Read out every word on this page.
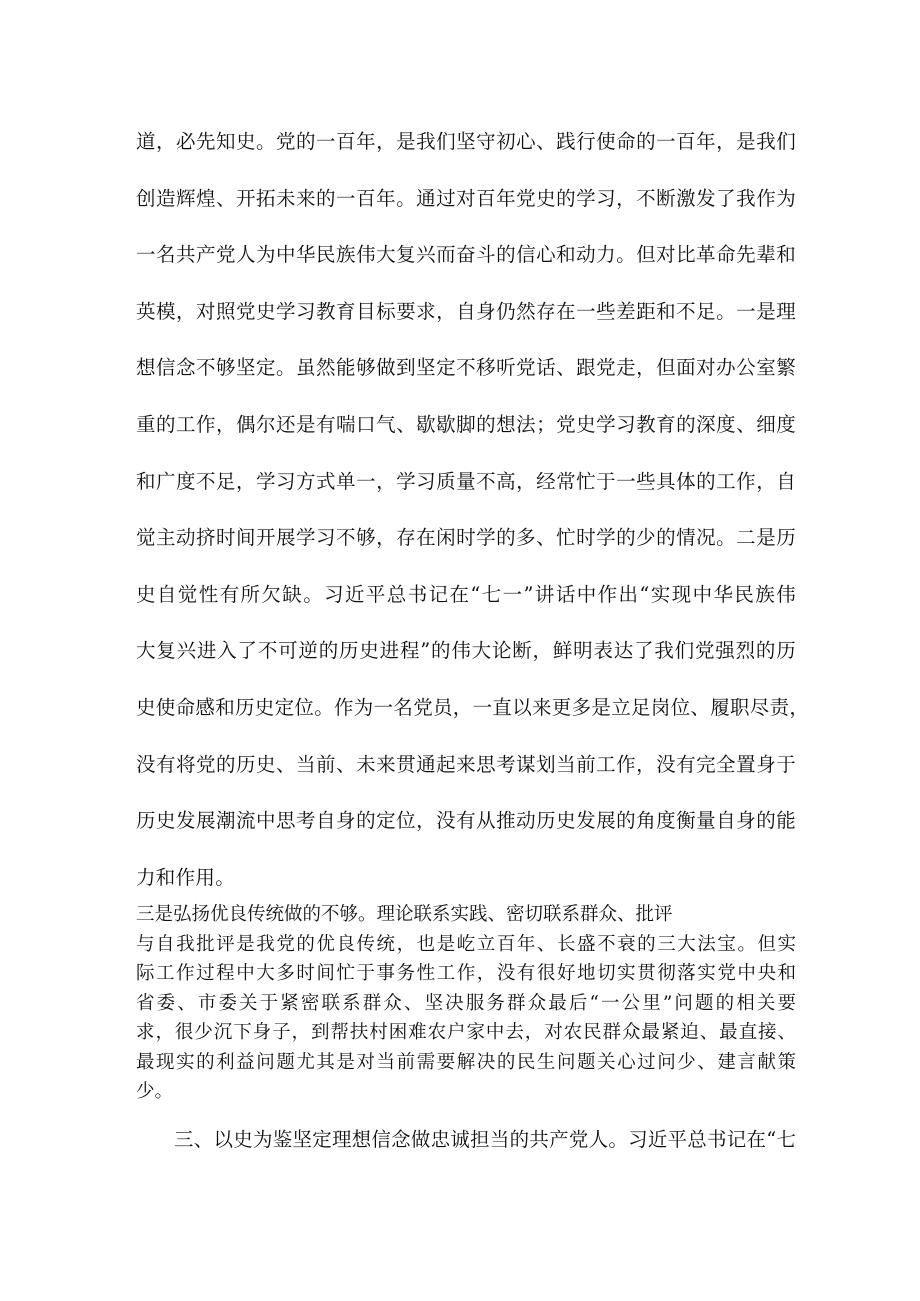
道，必先知史。党的一百年，是我们坚守初心、践行使命的一百年，是我们
创造辉煌、开拓未来的一百年。通过对百年党史的学习，不断激发了我作为
一名共产党人为中华民族伟大复兴而奋斗的信心和动力。但对比革命先辈和
英模，对照党史学习教育目标要求，自身仍然存在一些差距和不足。一是理
想信念不够坚定。虽然能够做到坚定不移听党话、跟党走，但面对办公室繁
重的工作，偶尔还是有喘口气、歇歇脚的想法；党史学习教育的深度、细度
和广度不足，学习方式单一，学习质量不高，经常忙于一些具体的工作，自
觉主动挤时间开展学习不够，存在闲时学的多、忙时学的少的情况。二是历
史自觉性有所欠缺。习近平总书记在“七一”讲话中作出“实现中华民族伟
大复兴进入了不可逆的历史进程”的伟大论断，鲜明表达了我们党强烈的历
史使命感和历史定位。作为一名党员，一直以来更多是立足岗位、履职尽责，
没有将党的历史、当前、未来贯通起来思考谋划当前工作，没有完全置身于
历史发展潮流中思考自身的定位，没有从推动历史发展的角度衡量自身的能
力和作用。
三是弘扬优良传统做的不够。理论联系实践、密切联系群众、批评
与自我批评是我党的优良传统，也是屹立百年、长盛不衰的三大法宝。但实
际工作过程中大多时间忙于事务性工作，没有很好地切实贯彻落实党中央和
省委、市委关于紧密联系群众、坚决服务群众最后“一公里”问题的相关要
求，很少沉下身子，到帮扶村困难农户家中去，对农民群众最紧迫、最直接、
最现实的利益问题尤其是对当前需要解决的民生问题关心过问少、建言献策
少。
三、以史为鉴坚定理想信念做忠诚担当的共产党人。习近平总书记在“七
